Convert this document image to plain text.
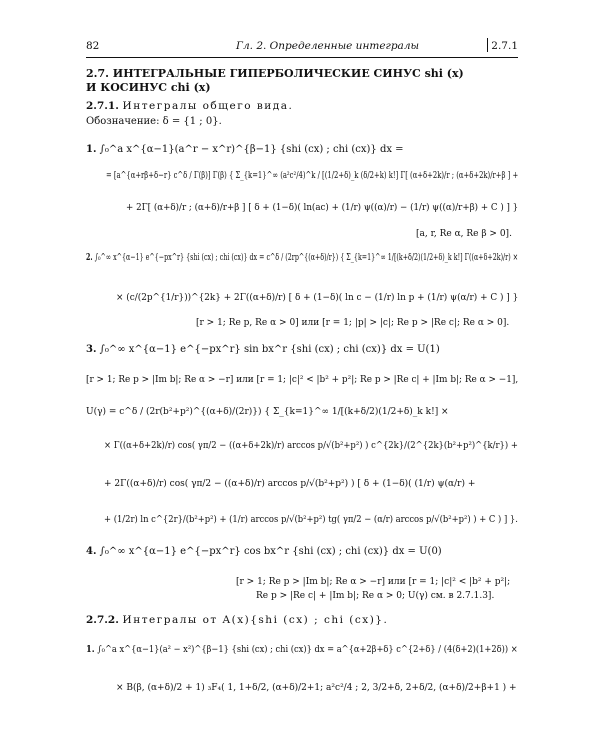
82	Гл. 2. Определенные интегралы	2.7.1
2.7. ИНТЕГРАЛЬНЫЕ ГИПЕРБОЛИЧЕСКИЕ СИНУС shi (x)
И КОСИНУС chi (x)
2.7.1. Интегралы общего вида.
Обозначение: δ = {1 ; 0}.
1. ∫₀^a x^{α−1}(a^r − x^r)^{β−1} {shi (cx) ; chi (cx)} dx =
= [a^{α+rβ+δ−r} c^δ / Γ(β)] Γ(β) { Σ_{k=1}^∞ (a²c²/4)^k / [(1/2+δ)_k (δ/2+k) k!] Γ[ (α+δ+2k)/r ; (α+δ+2k)/r+β ] +
+ 2Γ[ (α+δ)/r ; (α+δ)/r+β ] [ δ + (1−δ)( ln(ac) + (1/r) ψ((α)/r) − (1/r) ψ((α)/r+β) + C ) ] }
[a, r, Re α, Re β > 0].
2. ∫₀^∞ x^{α−1} e^{−px^r} {shi (cx) ; chi (cx)} dx = c^δ / (2rp^{(α+δ)/r}) { Σ_{k=1}^∞ 1/[(k+δ/2)(1/2+δ)_k k!] Γ((α+δ+2k)/r) ×
× (c/(2p^{1/r}))^{2k} + 2Γ((α+δ)/r) [ δ + (1−δ)( ln c − (1/r) ln p + (1/r) ψ(α/r) + C ) ] }
[r > 1; Re p, Re α > 0] или [r = 1; |p| > |c|; Re p > |Re c|; Re α > 0].
3. ∫₀^∞ x^{α−1} e^{−px^r} sin bx^r {shi (cx) ; chi (cx)} dx = U(1)
[r > 1; Re p > |Im b|; Re α > −r] или [r = 1; |c|² < |b² + p²|; Re p > |Re c| + |Im b|; Re α > −1],
U(γ) = c^δ / (2r(b²+p²)^{(α+δ)/(2r)}) { Σ_{k=1}^∞ 1/[(k+δ/2)(1/2+δ)_k k!] ×
× Γ((α+δ+2k)/r) cos( γπ/2 − ((α+δ+2k)/r) arccos p/√(b²+p²) ) c^{2k}/(2^{2k}(b²+p²)^{k/r}) +
+ 2Γ((α+δ)/r) cos( γπ/2 − ((α+δ)/r) arccos p/√(b²+p²) ) [ δ + (1−δ)( (1/r) ψ(α/r) +
+ (1/2r) ln c^{2r}/(b²+p²) + (1/r) arccos p/√(b²+p²) tg( γπ/2 − (α/r) arccos p/√(b²+p²) ) + C ) ] }.
4. ∫₀^∞ x^{α−1} e^{−px^r} cos bx^r {shi (cx) ; chi (cx)} dx = U(0)
[r > 1; Re p > |Im b|; Re α > −r] или [r = 1; |c|² < |b² + p²|;
Re p > |Re c| + |Im b|; Re α > 0; U(γ) см. в 2.7.1.3].
2.7.2. Интегралы от A(x){shi (cx) ; chi (cx)}.
1. ∫₀^a x^{α−1}(a² − x²)^{β−1} {shi (cx) ; chi (cx)} dx = a^{α+2β+δ} c^{2+δ} / (4(δ+2)(1+2δ)) ×
× B(β, (α+δ)/2 + 1) ₃F₄( 1, 1+δ/2, (α+δ)/2+1; a²c²/4 ; 2, 3/2+δ, 2+δ/2, (α+δ)/2+β+1 ) +
